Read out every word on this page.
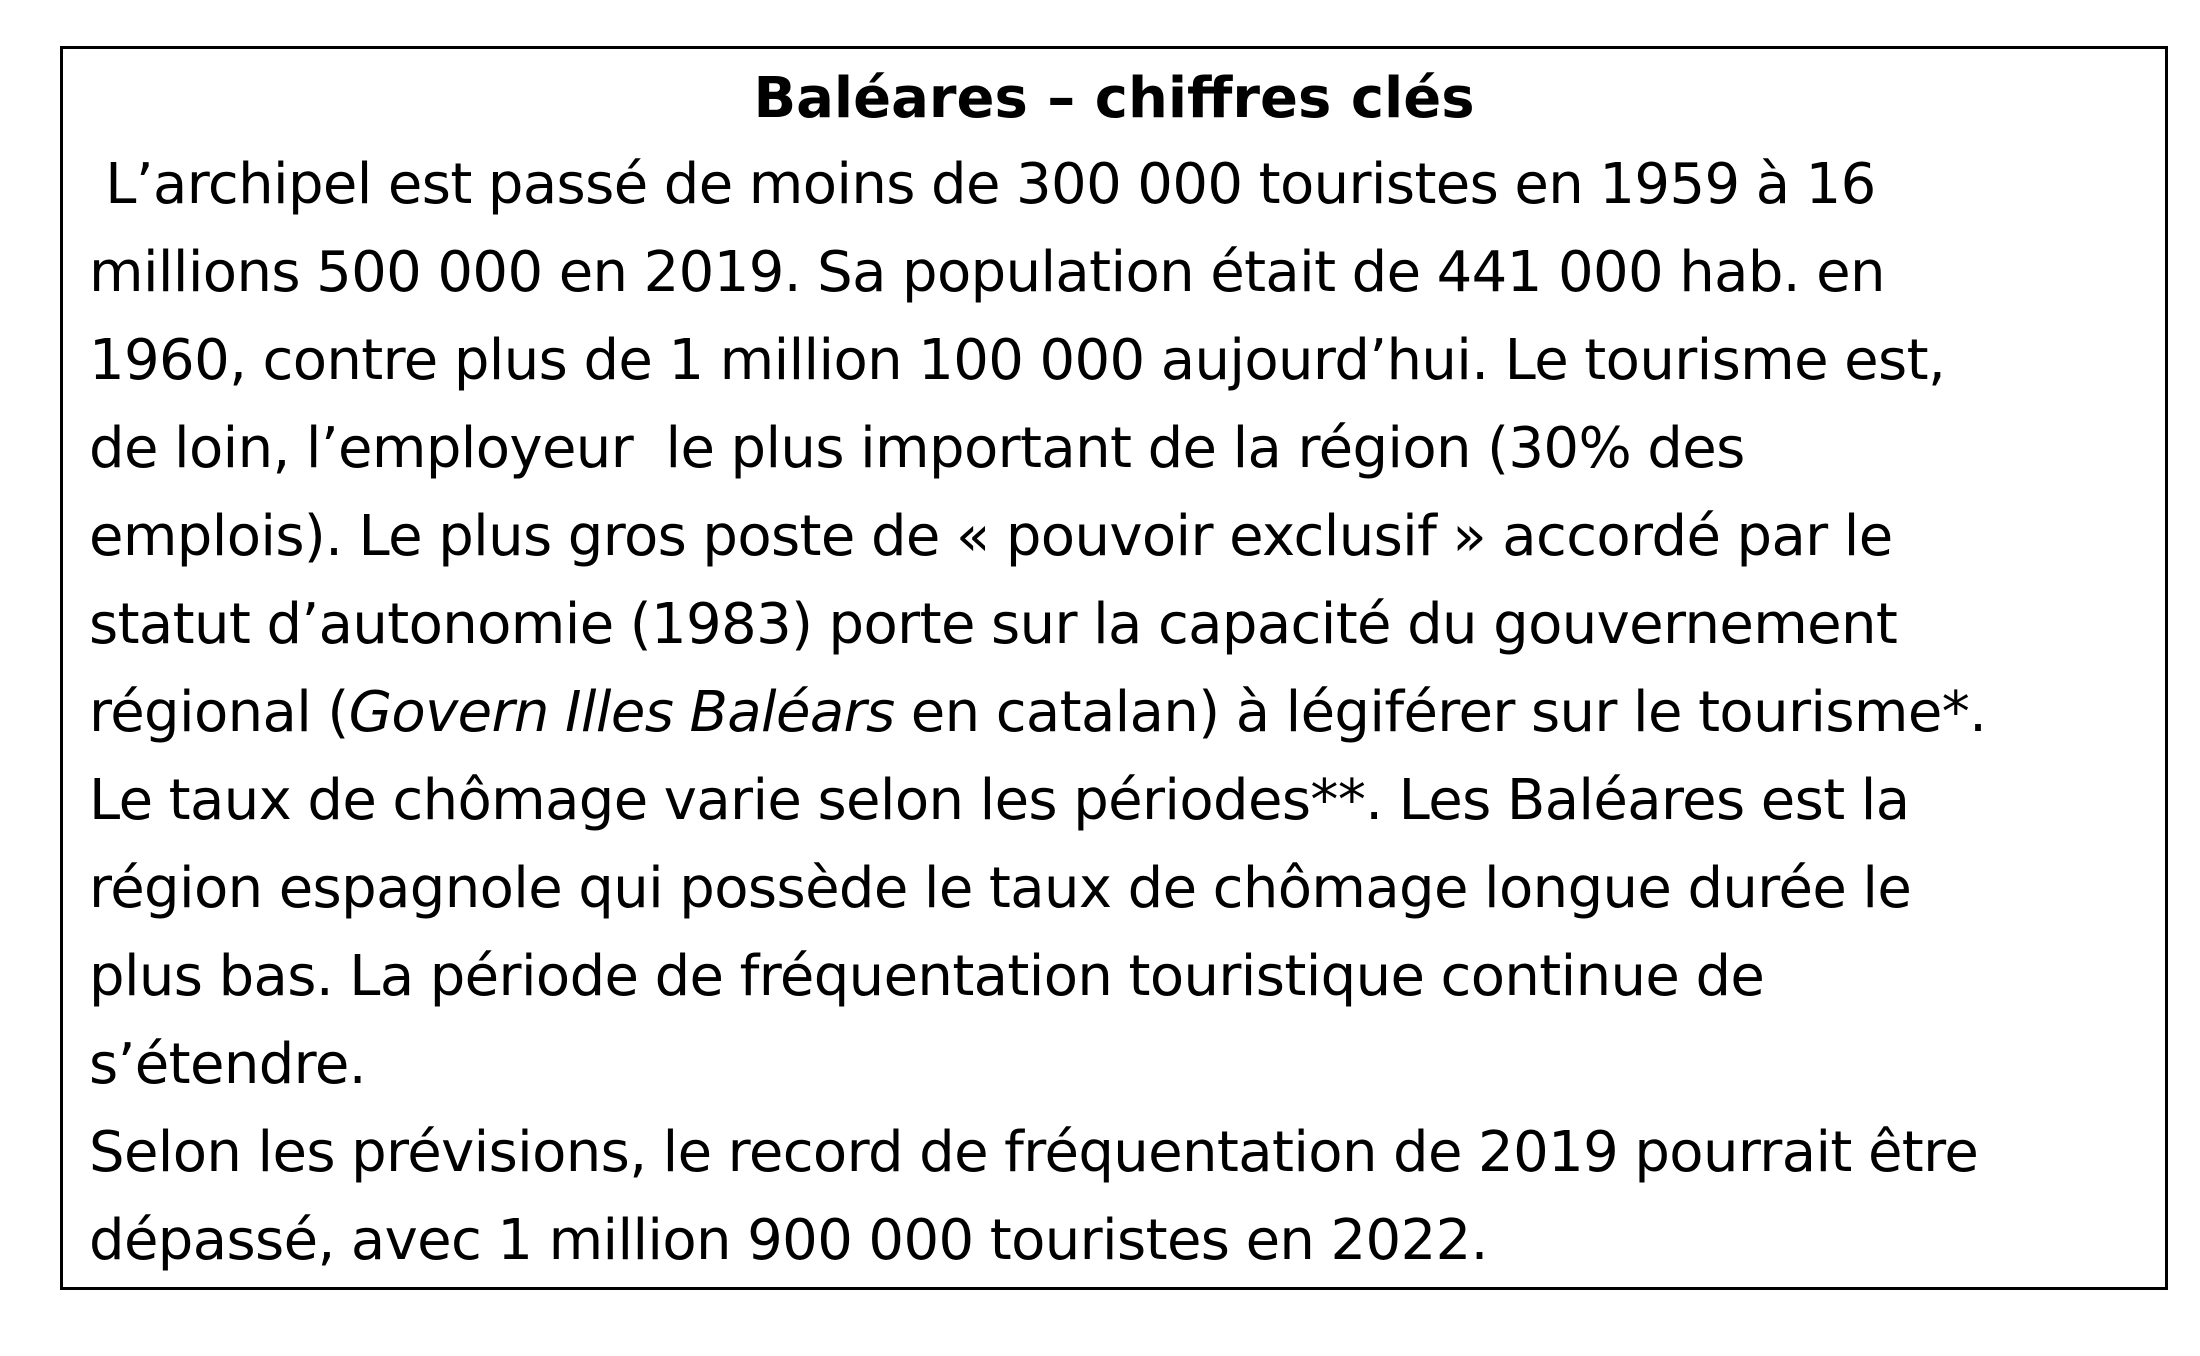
Baléares – chiffres clés

L’archipel est passé de moins de 300 000 touristes en 1959 à 16
millions 500 000 en 2019. Sa population était de 441 000 hab. en
1960, contre plus de 1 million 100 000 aujourd’hui. Le tourisme est,
de loin, l’employeur  le plus important de la région (30% des
emplois). Le plus gros poste de « pouvoir exclusif » accordé par le
statut d’autonomie (1983) porte sur la capacité du gouvernement
régional (Govern Illes Baléars en catalan) à légiférer sur le tourisme*.
Le taux de chômage varie selon les périodes**. Les Baléares est la
région espagnole qui possède le taux de chômage longue durée le
plus bas. La période de fréquentation touristique continue de
s’étendre.
Selon les prévisions, le record de fréquentation de 2019 pourrait être
dépassé, avec 1 million 900 000 touristes en 2022.
